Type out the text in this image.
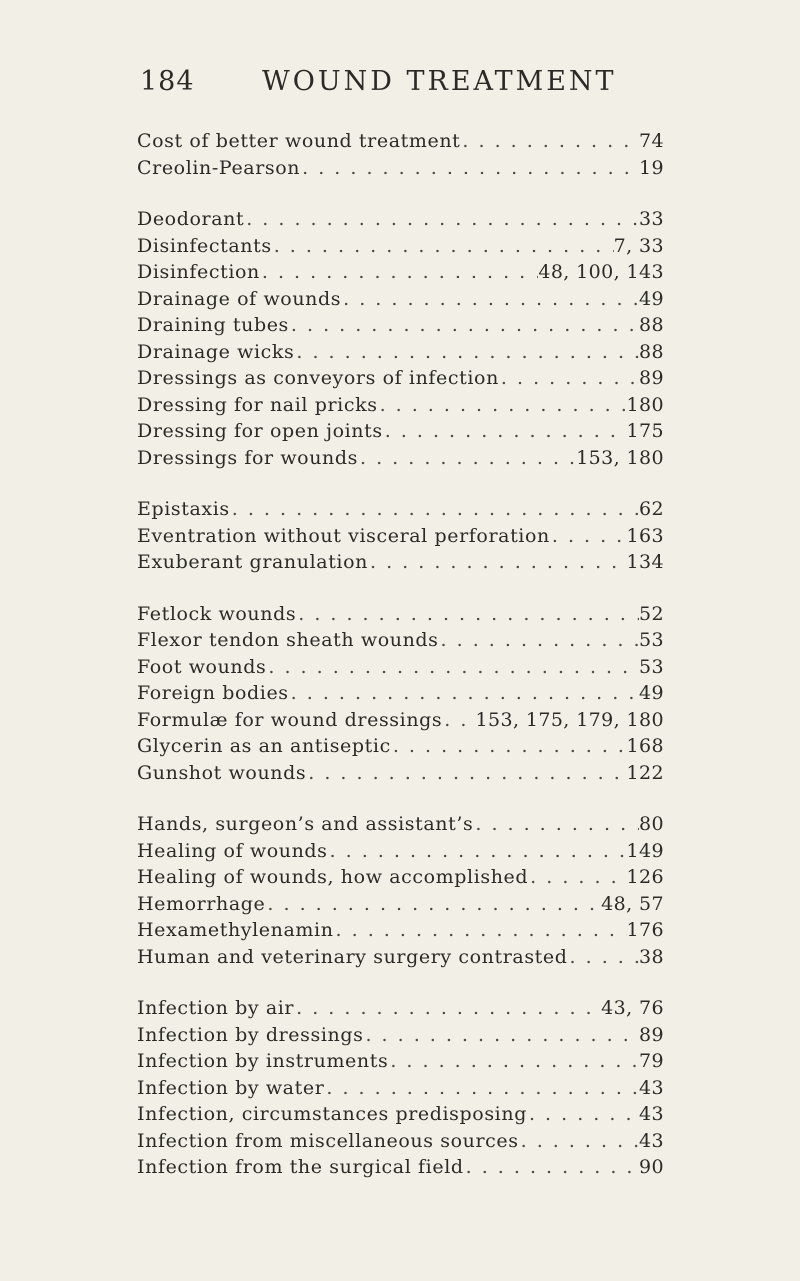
184 WOUND TREATMENT
Cost of better wound treatment . . .	74
Creolin-Pearson . . .	19
Deodorant . . .	33
Disinfectants . . .	7, 33
Disinfection . . .	48, 100, 143
Drainage of wounds . . .	49
Draining tubes . . .	88
Drainage wicks . . .	88
Dressings as conveyors of infection . . .	89
Dressing for nail pricks . . .	180
Dressing for open joints . . .	175
Dressings for wounds . . .	153, 180
Epistaxis . . .	62
Eventration without visceral perforation . . .	163
Exuberant granulation . . .	134
Fetlock wounds . . .	52
Flexor tendon sheath wounds . . .	53
Foot wounds . . .	53
Foreign bodies . . .	49
Formulæ for wound dressings . . . 153, 175, 179, 180
Glycerin as an antiseptic . . .	168
Gunshot wounds . . .	122
Hands, surgeon’s and assistant’s . . .	80
Healing of wounds . . .	149
Healing of wounds, how accomplished . . .	126
Hemorrhage . . .	48, 57
Hexamethylenamin . . .	176
Human and veterinary surgery contrasted . . .	38
Infection by air . . .	43, 76
Infection by dressings . . .	89
Infection by instruments . . .	79
Infection by water . . .	43
Infection, circumstances predisposing . . .	43
Infection from miscellaneous sources . . .	43
Infection from the surgical field . . .	90
